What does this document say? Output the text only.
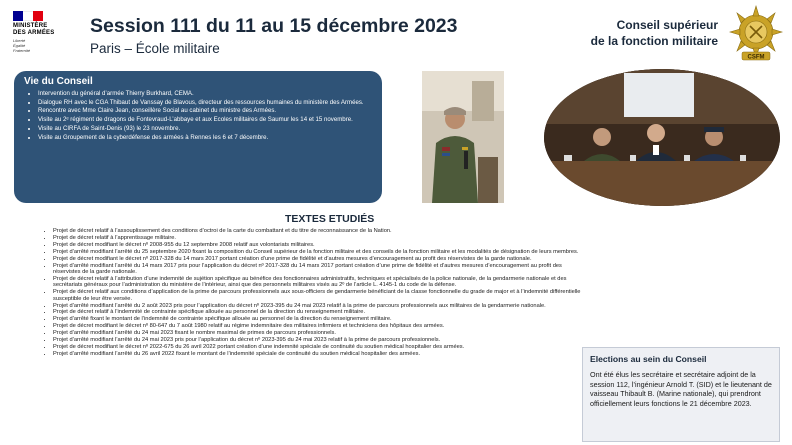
MINISTÈRE
DES ARMÉES
Liberté
Égalité
Fraternité
Session 111 du 11 au 15 décembre 2023
Paris – École militaire
Conseil supérieur
de la fonction militaire
CSFM
Vie du Conseil
• Intervention du général d’armée Thierry Burkhard, CEMA.
• Dialogue RH avec le CGA Thibaut de Vanssay de Blavous, directeur des ressources humaines du ministère des Armées.
• Rencontre avec Mme Claire Jean, conseillère Social au cabinet du ministre des Armées.
• Visite au 2ᵉ régiment de dragons de Fontevraud-L’abbaye et aux Ecoles militaires de Saumur les 14 et 15 novembre.
• Visite au CIRFA de Saint-Denis (93) le 23 novembre.
• Visite au Groupement de la cyberdéfense des armées à Rennes les 6 et 7 décembre.
TEXTES ETUDIÉS
• Projet de décret relatif à l’assouplissement des conditions d’octroi de la carte du combattant et du titre de reconnaissance de la Nation.
• Projet de décret relatif à l’apprentissage militaire.
• Projet de décret modifiant le décret nº 2008-955 du 12 septembre 2008 relatif aux volontariats militaires.
• Projet d’arrêté modifiant l’arrêté du 25 septembre 2020 fixant la composition du Conseil supérieur de la fonction militaire et des conseils de la fonction militaire et les modalités de désignation de leurs membres.
• Projet de décret modifiant le décret nº 2017-328 du 14 mars 2017 portant création d’une prime de fidélité et d’autres mesures d’encouragement au profit des réservistes de la garde nationale.
• Projet d’arrêté modifiant l’arrêté du 14 mars 2017 pris pour l’application du décret nº 2017-328 du 14 mars 2017 portant création d’une prime de fidélité et d’autres mesures d’encouragement au profit des réservistes de la garde nationale.
• Projet de décret relatif à l’attribution d’une indemnité de sujétion spécifique au bénéfice des fonctionnaires administratifs, techniques et spécialisés de la police nationale, de la gendarmerie nationale et des secrétariats généraux pour l’administration du ministère de l’intérieur, ainsi que des personnels militaires visés au 2º de l’article L. 4145-1 du code de la défense.
• Projet de décret relatif aux conditions d’application de la prime de parcours professionnels aux sous-officiers de gendarmerie bénéficiant de la classe fonctionnelle du grade de major et à l’indemnité différentielle susceptible de leur être versée.
• Projet d’arrêté modifiant l’arrêté du 2 août 2023 pris pour l’application du décret nº 2023-395 du 24 mai 2023 relatif à la prime de parcours professionnels aux militaires de la gendarmerie nationale.
• Projet de décret relatif à l’indemnité de contrainte spécifique allouée au personnel de la direction du renseignement militaire.
• Projet d’arrêté fixant le montant de l’indemnité de contrainte spécifique allouée au personnel de la direction du renseignement militaire.
• Projet de décret modifiant le décret nº 80-647 du 7 août 1980 relatif au régime indemnitaire des militaires infirmiers et techniciens des hôpitaux des armées.
• Projet d’arrêté modifiant l’arrêté du 24 mai 2023 fixant le nombre maximal de primes de parcours professionnels.
• Projet d’arrêté modifiant l’arrêté du 24 mai 2023 pris pour l’application du décret nº 2023-395 du 24 mai 2023 relatif à la prime de parcours professionnels.
• Projet de décret modifiant le décret nº 2022-675 du 26 avril 2022 portant création d’une indemnité spéciale de continuité du soutien médical hospitalier des armées.
• Projet d’arrêté modifiant l’arrêté du 26 avril 2022 fixant le montant de l’indemnité spéciale de continuité du soutien médical hospitalier des armées.	Elections au sein du Conseil

Ont été élus les secrétaire et secrétaire adjoint de la session 112, l’ingénieur Arnold T. (SID) et le lieutenant de vaisseau Thibault B. (Marine nationale), qui prendront officiellement leurs fonctions le 21 décembre 2023.
